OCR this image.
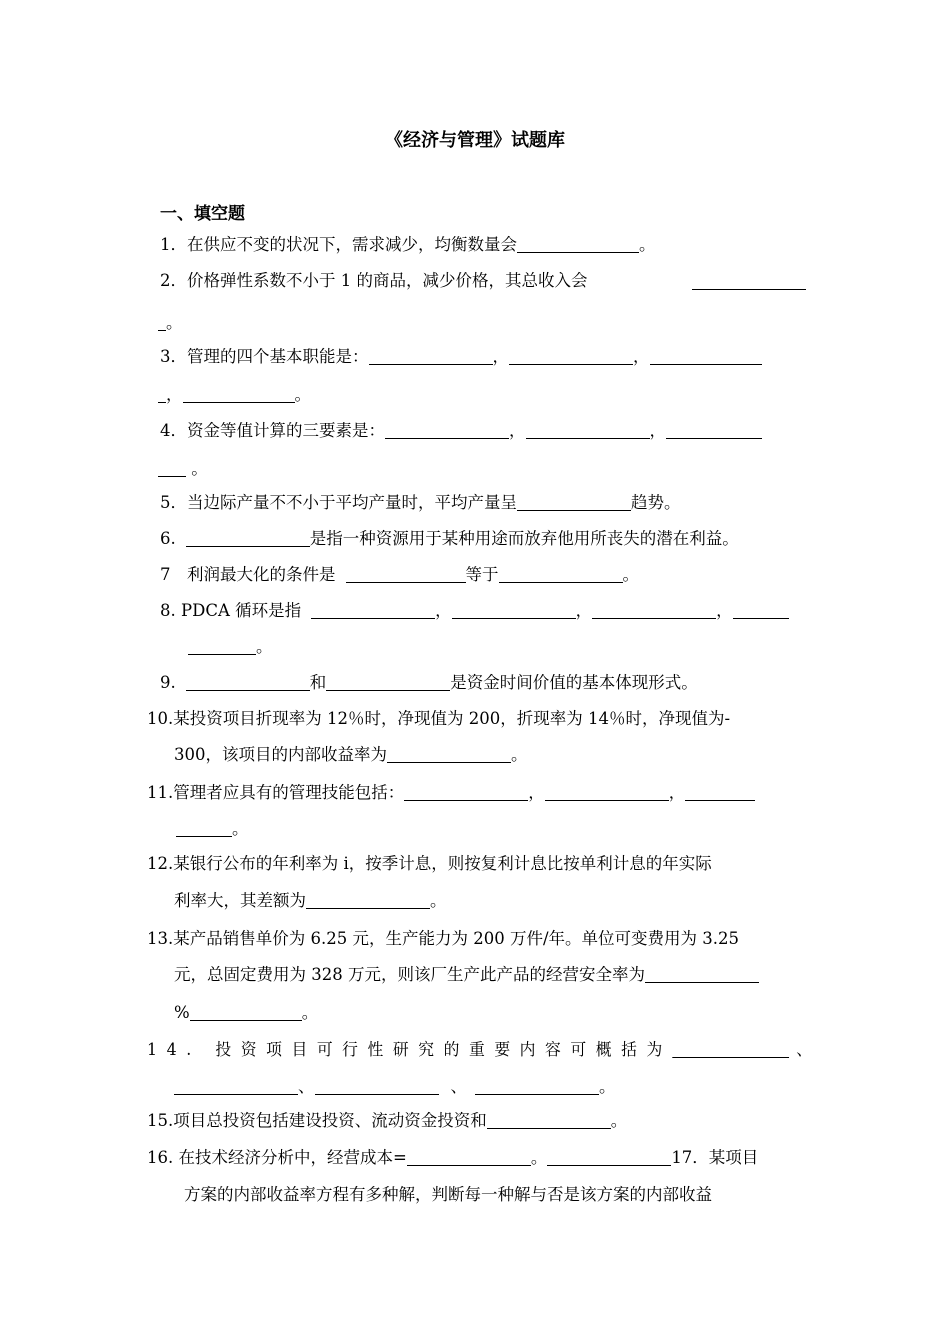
《经济与管理》试题库
一、填空题
1．在供应不变的状况下，需求减少，均衡数量会	。
2．价格弹性系数不小于 1 的商品，减少价格，其总收入会
。
3．管理的四个基本职能是：	，	，
，	。
4．资金等值计算的三要素是：	，	，
。
5．当边际产量不不小于平均产量时，平均产量呈	趋势。
6.	是指一种资源用于某种用途而放弃他用所丧失的潜在利益。
7　利润最大化的条件是	等于	。
8. PDCA 循环是指	，	，	，
。
9.	和	是资金时间价值的基本体现形式。
10.某投资项目折现率为 12％时，净现值为 200，折现率为 14％时，净现值为-
300，该项目的内部收益率为	。
11.管理者应具有的管理技能包括：	，	，
。
12.某银行公布的年利率为 i，按季计息，则按复利计息比按单利计息的年实际
利率大，其差额为	。
13.某产品销售单价为 6.25 元，生产能力为 200 万件/年。单位可变费用为 3.25
元，总固定费用为 328 万元，则该厂生产此产品的经营安全率为
%	。
14. 投资项目可行性研究的重要内容可概括为	、
、	、	。
15.项目总投资包括建设投资、流动资金投资和	。
16. 在技术经济分析中，经营成本=	。	17．某项目
方案的内部收益率方程有多种解，判断每一种解与否是该方案的内部收益
